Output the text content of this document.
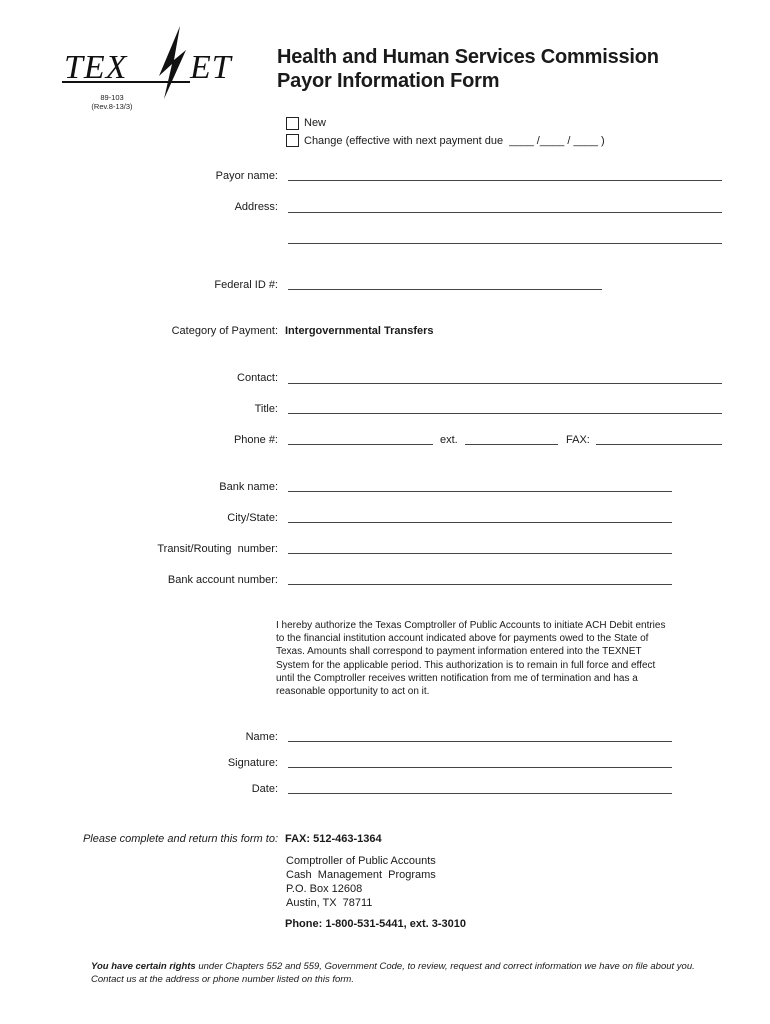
TEX ET
89-103
(Rev.8-13/3)
Health and Human Services Commission
Payor Information Form
New
Change (effective with next payment due  ____ /____ / ____ )
Payor name:
Address:
Federal ID #:
Category of Payment: Intergovernmental Transfers
Contact:
Title:
Phone #:	ext.	FAX:
Bank name:
City/State:
Transit/Routing  number:
Bank account number:
I hereby authorize the Texas Comptroller of Public Accounts to initiate ACH Debit entries to the financial institution account indicated above for payments owed to the State of Texas. Amounts shall correspond to payment information entered into the TEXNET System for the applicable period. This authorization is to remain in full force and effect until the Comptroller receives written notification from me of termination and has a reasonable opportunity to act on it.
Name:
Signature:
Date:
Please complete and return this form to: FAX: 512-463-1364
Comptroller of Public Accounts
Cash  Management  Programs
P.O. Box 12608
Austin, TX  78711
Phone: 1-800-531-5441, ext. 3-3010
You have certain rights under Chapters 552 and 559, Government Code, to review, request and correct information we have on file about you. Contact us at the address or phone number listed on this form.
